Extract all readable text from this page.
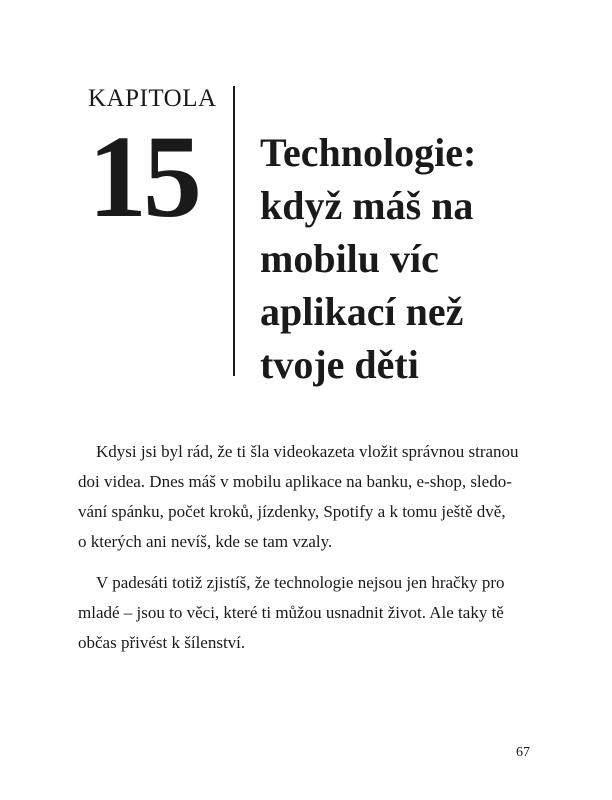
KAPITOLA
15 Technologie:
když máš na
mobilu víc
aplikací než
tvoje děti

Kdysi jsi byl rád, že ti šla videokazeta vložit správnou stranou
doi videa. Dnes máš v mobilu aplikace na banku, e-shop, sledo-
vání spánku, počet kroků, jízdenky, Spotify a k tomu ještě dvě,
o kterých ani nevíš, kde se tam vzaly.

V padesáti totiž zjistíš, že technologie nejsou jen hračky pro
mladé – jsou to věci, které ti můžou usnadnit život. Ale taky tě
občas přivést k šílenství.

67
